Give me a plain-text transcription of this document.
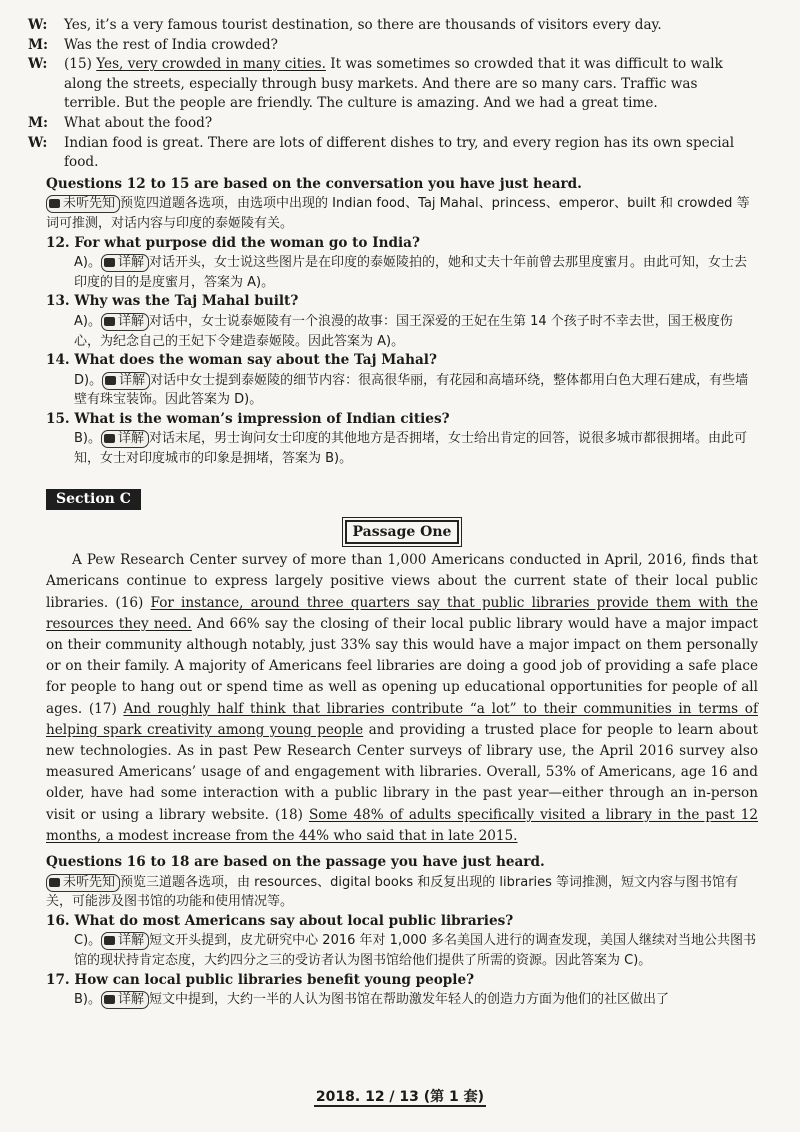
W: Yes, it’s a very famous tourist destination, so there are thousands of visitors every day.
M: Was the rest of India crowded?
W: (15) Yes, very crowded in many cities. It was sometimes so crowded that it was difficult to walk along the streets, especially through busy markets. And there are so many cars. Traffic was terrible. But the people are friendly. The culture is amazing. And we had a great time.
M: What about the food?
W: Indian food is great. There are lots of different dishes to try, and every region has its own special food.
Questions 12 to 15 are based on the conversation you have just heard.
未听先知 预览四道题各选项，由选项中出现的 Indian food、Taj Mahal、princess、emperor、built 和 crowded 等词可推测，对话内容与印度的泰姬陵有关。
12. For what purpose did the woman go to India?
A)。 详解 对话开头，女士说这些图片是在印度的泰姬陵拍的，她和丈夫十年前曾去那里度蜜月。由此可知，女士去印度的目的是度蜜月，答案为 A)。
13. Why was the Taj Mahal built?
A)。 详解 对话中，女士说泰姬陵有一个浪漫的故事：国王深爱的王妃在生第 14 个孩子时不幸去世，国王极度伤心，为纪念自己的王妃下令建造泰姬陵。因此答案为 A)。
14. What does the woman say about the Taj Mahal?
D)。 详解 对话中女士提到泰姬陵的细节内容：很高很华丽，有花园和高墙环绕，整体都用白色大理石建成，有些墙壁有珠宝装饰。因此答案为 D)。
15. What is the woman’s impression of Indian cities?
B)。 详解 对话末尾，男士询问女士印度的其他地方是否拥堵，女士给出肯定的回答，说很多城市都很拥堵。由此可知，女士对印度城市的印象是拥堵，答案为 B)。
Section C
Passage One
A Pew Research Center survey of more than 1,000 Americans conducted in April, 2016, finds that Americans continue to express largely positive views about the current state of their local public libraries. (16) For instance, around three quarters say that public libraries provide them with the resources they need. And 66% say the closing of their local public library would have a major impact on their community although notably, just 33% say this would have a major impact on them personally or on their family. A majority of Americans feel libraries are doing a good job of providing a safe place for people to hang out or spend time as well as opening up educational opportunities for people of all ages. (17) And roughly half think that libraries contribute “a lot” to their communities in terms of helping spark creativity among young people and providing a trusted place for people to learn about new technologies. As in past Pew Research Center surveys of library use, the April 2016 survey also measured Americans’ usage of and engagement with libraries. Overall, 53% of Americans, age 16 and older, have had some interaction with a public library in the past year—either through an in-person visit or using a library website. (18) Some 48% of adults specifically visited a library in the past 12 months, a modest increase from the 44% who said that in late 2015.
Questions 16 to 18 are based on the passage you have just heard.
未听先知 预览三道题各选项，由 resources、digital books 和反复出现的 libraries 等词推测，短文内容与图书馆有关，可能涉及图书馆的功能和使用情况等。
16. What do most Americans say about local public libraries?
C)。 详解 短文开头提到，皮尤研究中心 2016 年对 1,000 多名美国人进行的调查发现，美国人继续对当地公共图书馆的现状持肯定态度，大约四分之三的受访者认为图书馆给他们提供了所需的资源。因此答案为 C)。
17. How can local public libraries benefit young people?
B)。 详解 短文中提到，大约一半的人认为图书馆在帮助激发年轻人的创造力方面为他们的社区做出了
2018. 12 / 13 (第 1 套)
